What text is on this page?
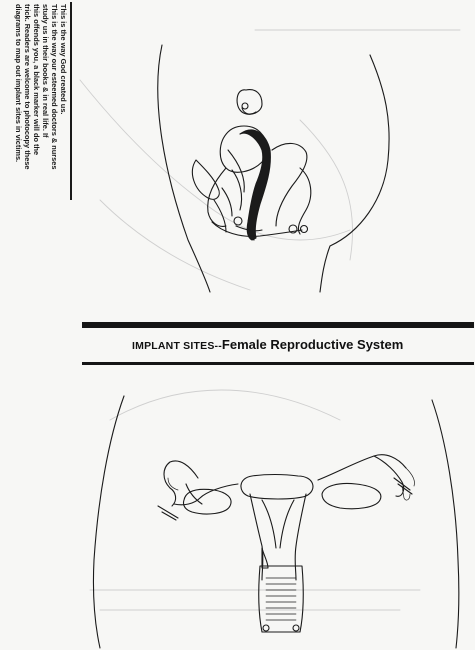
This is the way God created us.
This is the way our esteemed doctors & nurses
study us in their books & in real life. If
this offends you, a black marker will do the
trick. Readers are welcome to photocopy these
diagrams to map out implant sites in victims.
IMPLANT SITES--Female Reproductive System
